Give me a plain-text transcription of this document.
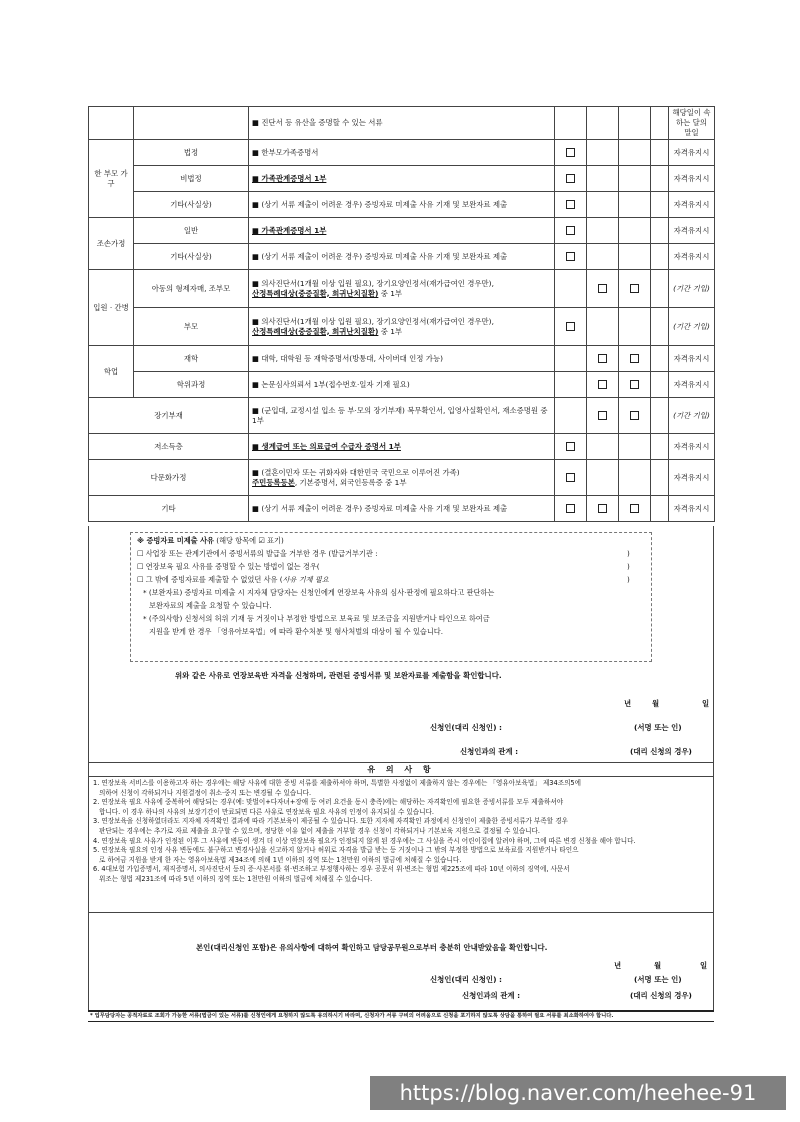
		■ 진단서 등 유산을 증명할 수 있는 서류					해당일이 속하는 달의 말일
한 부모 가구	법정	■ 한부모가족증명서					자격유지시
	비법정	■ 가족관계증명서 1부					자격유지시
	기타(사실상)	■ (상기 서류 제출이 어려운 경우) 증빙자료 미제출 사유 기재 및 보완자료 제출					자격유지시
조손가정	일반	■ 가족관계증명서 1부					자격유지시
	기타(사실상)	■ (상기 서류 제출이 어려운 경우) 증빙자료 미제출 사유 기재 및 보완자료 제출					자격유지시
입원 · 간병	아동의 형제자매, 조부모	■ 의사진단서(1개월 이상 입원 필요), 장기요양인정서(재가급여인 경우만),
산정특례대상(중증질환, 희귀난치질환) 중 1부					(기간 기입)
	부모	■ 의사진단서(1개월 이상 입원 필요), 장기요양인정서(재가급여인 경우만),
산정특례대상(중증질환, 희귀난치질환) 중 1부					(기간 기입)
학업	재학	■ 대학, 대학원 등 재학증명서(방통대, 사이버대 인정 가능)					자격유지시
	학위과정	■ 논문심사의뢰서 1부(접수번호·일자 기재 필요)					자격유지시
장기부재		■ (군입대, 교정시설 입소 등 부·모의 장기부재) 복무확인서, 입영사실확인서, 재소증명원 중 1부					(기간 기입)
저소득층		■ 생계급여 또는 의료급여 수급자 증명서 1부					자격유지시
다문화가정		■ (결혼이민자 또는 귀화자와 대한민국 국민으로 이루어진 가족)
주민등록등본, 기본증명서, 외국인등록증 중 1부					자격유지시
기타		■ (상기 서류 제출이 어려운 경우) 증빙자료 미제출 사유 기재 및 보완자료 제출					자격유지시
※ 증빙자료 미제출 사유 (해당 항목에 ☑ 표기)
☐ 사업장 또는 관계기관에서 증빙서류의 발급을 거부한 경우 (발급거부기관 :	)
☐ 연장보육 필요 사유를 증명할 수 있는 방법이 없는 경우(	)
☐ 그 밖에 증빙자료를 제출할 수 없었던 사유 (사유 기재 필요	)
* (보완자료) 증빙자료 미제출 시 지자체 담당자는 신청인에게 연장보육 사유의 심사·판정에 필요하다고 판단하는
보완자료의 제출을 요청할 수 있습니다.
* (주의사항) 신청서의 허위 기재 등 거짓이나 부정한 방법으로 보육료 및 보조금을 지원받거나 타인으로 하여금
지원을 받게 한 경우 「영유아보육법」에 따라 환수처분 및 형사처벌의 대상이 될 수 있습니다.
위와 같은 사유로 연장보육반 자격을 신청하며, 관련된 증빙서류 및 보완자료를 제출함을 확인합니다.
년	월	일
신청인(대리 신청인) :	(서명 또는 인)
신청인과의 관계 :	(대리 신청의 경우)
유 의 사 항
1. 연장보육 서비스를 이용하고자 하는 경우에는 해당 사유에 대한 증빙 서류를 제출하셔야 하며, 특별한 사정없이 제출하지 않는 경우에는 「영유아보육법」 제34조의5에
의하여 신청이 각하되거나 지원결정이 취소·중지 또는 변경될 수 있습니다.
2. 연장보육 필요 사유에 중복하여 해당되는 경우(예: 맞벌이+다자녀+장애 등 여러 요건을 동시 충족)에는 해당하는 자격확인에 필요한 증빙서류를 모두 제출하셔야
합니다. 이 경우 하나의 사유의 보장기간이 만료되면 다른 사유로 연장보육 필요 사유의 인정이 유지되실 수 있습니다.
3. 연장보육을 신청하였더라도 지자체 자격확인 결과에 따라 기본보육이 제공될 수 있습니다. 또한 지자체 자격확인 과정에서 신청인이 제출한 증빙서류가 부족할 경우
판단되는 경우에는 추가로 자료 제출을 요구할 수 있으며, 정당한 이유 없이 제출을 거부할 경우 신청이 각하되거나 기본보육 지원으로 결정될 수 있습니다.
4. 연장보육 필요 사유가 인정된 이후 그 사유에 변동이 생겨 더 이상 연장보육 필요가 인정되지 않게 된 경우에는 그 사실을 즉시 어린이집에 알려야 하며, 그에 따른 변경 신청을 해야 합니다.
5. 연장보육 필요의 인정 사유 변동에도 불구하고 변경사실을 신고하지 않거나 허위로 자격을 발급 받는 등 거짓이나 그 밖의 부정한 방법으로 보육료를 지원받거나 타인으
로 하여금 지원을 받게 한 자는 영유아보육법 제34조에 의해 1년 이하의 징역 또는 1천만원 이하의 벌금에 처해질 수 있습니다.
6. 4대보험 가입증명서, 재직증명서, 의사진단서 등의 증·사본서를 위·변조하고 부정행사하는 경우 공문서 위·변조는 형법 제225조에 따라 10년 이하의 징역에, 사문서
위조는 형법 제231조에 따라 5년 이하의 징역 또는 1천만원 이하의 벌금에 처해질 수 있습니다.
본인(대리신청인 포함)은 유의사항에 대하여 확인하고 담당공무원으로부터 충분히 안내받았음을 확인합니다.
년	월	일
신청인(대리 신청인) :	(서명 또는 인)
신청인과의 관계 :	(대리 신청의 경우)
* 업무담당자는 공적자료로 조회가 가능한 서류(법금이 있는 서류)를 신청인에게 요청하지 않도록 유의하시기 바라며, 신청자가 서류 구비의 어려움으로 신청을 포기하지 않도록 상담을 통하여 필요 서류를 최소화하여야 합니다.
https://blog.naver.com/heehee-91
